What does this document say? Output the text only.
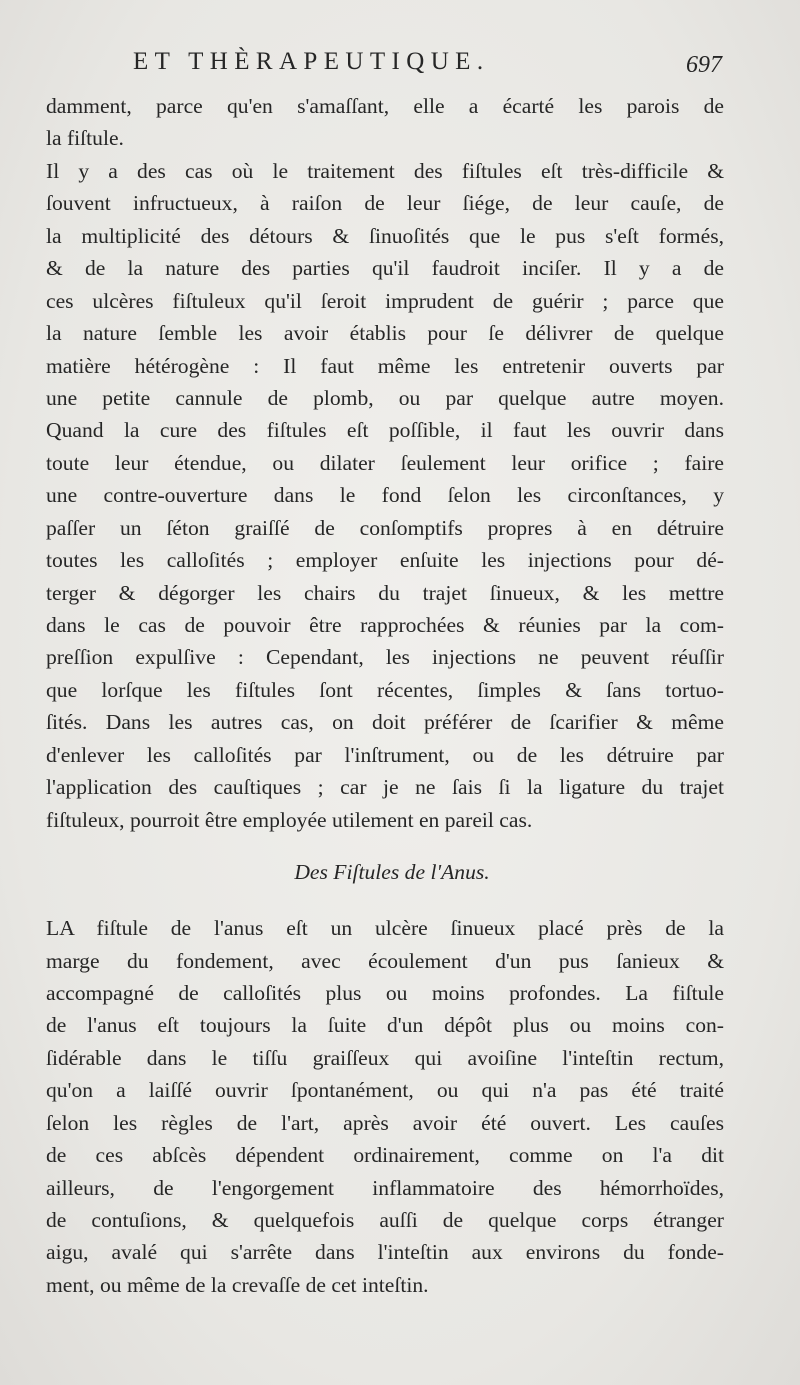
ET THÈRAPEUTIQUE.	697
damment, parce qu'en s'amaſſant, elle a écarté les parois de
la fiſtule.
Il y a des cas où le traitement des fiſtules eſt très-difficile &
ſouvent infructueux, à raiſon de leur ſiége, de leur cauſe, de
la multiplicité des détours & ſinuoſités que le pus s'eſt formés,
& de la nature des parties qu'il faudroit inciſer. Il y a de
ces ulcères fiſtuleux qu'il ſeroit imprudent de guérir ; parce que
la nature ſemble les avoir établis pour ſe délivrer de quelque
matière hétérogène : Il faut même les entretenir ouverts par
une petite cannule de plomb, ou par quelque autre moyen.
Quand la cure des fiſtules eſt poſſible, il faut les ouvrir dans
toute leur étendue, ou dilater ſeulement leur orifice ; faire
une contre-ouverture dans le fond ſelon les circonſtances, y
paſſer un ſéton graiſſé de conſomptifs propres à en détruire
toutes les calloſités ; employer enſuite les injections pour dé-
terger & dégorger les chairs du trajet ſinueux, & les mettre
dans le cas de pouvoir être rapprochées & réunies par la com-
preſſion expulſive : Cependant, les injections ne peuvent réuſſir
que lorſque les fiſtules ſont récentes, ſimples & ſans tortuo-
ſités. Dans les autres cas, on doit préférer de ſcarifier & même
d'enlever les calloſités par l'inſtrument, ou de les détruire par
l'application des cauſtiques ; car je ne ſais ſi la ligature du trajet
fiſtuleux, pourroit être employée utilement en pareil cas.
Des Fiſtules de l'Anus.
LA fiſtule de l'anus eſt un ulcère ſinueux placé près de la
marge du fondement, avec écoulement d'un pus ſanieux &
accompagné de calloſités plus ou moins profondes. La fiſtule
de l'anus eſt toujours la ſuite d'un dépôt plus ou moins con-
ſidérable dans le tiſſu graiſſeux qui avoiſine l'inteſtin rectum,
qu'on a laiſſé ouvrir ſpontanément, ou qui n'a pas été traité
ſelon les règles de l'art, après avoir été ouvert. Les cauſes
de ces abſcès dépendent ordinairement, comme on l'a dit
ailleurs, de l'engorgement inflammatoire des hémorrhoïdes,
de contuſions, & quelquefois auſſi de quelque corps étranger
aigu, avalé qui s'arrête dans l'inteſtin aux environs du fonde-
ment, ou même de la crevaſſe de cet inteſtin.
